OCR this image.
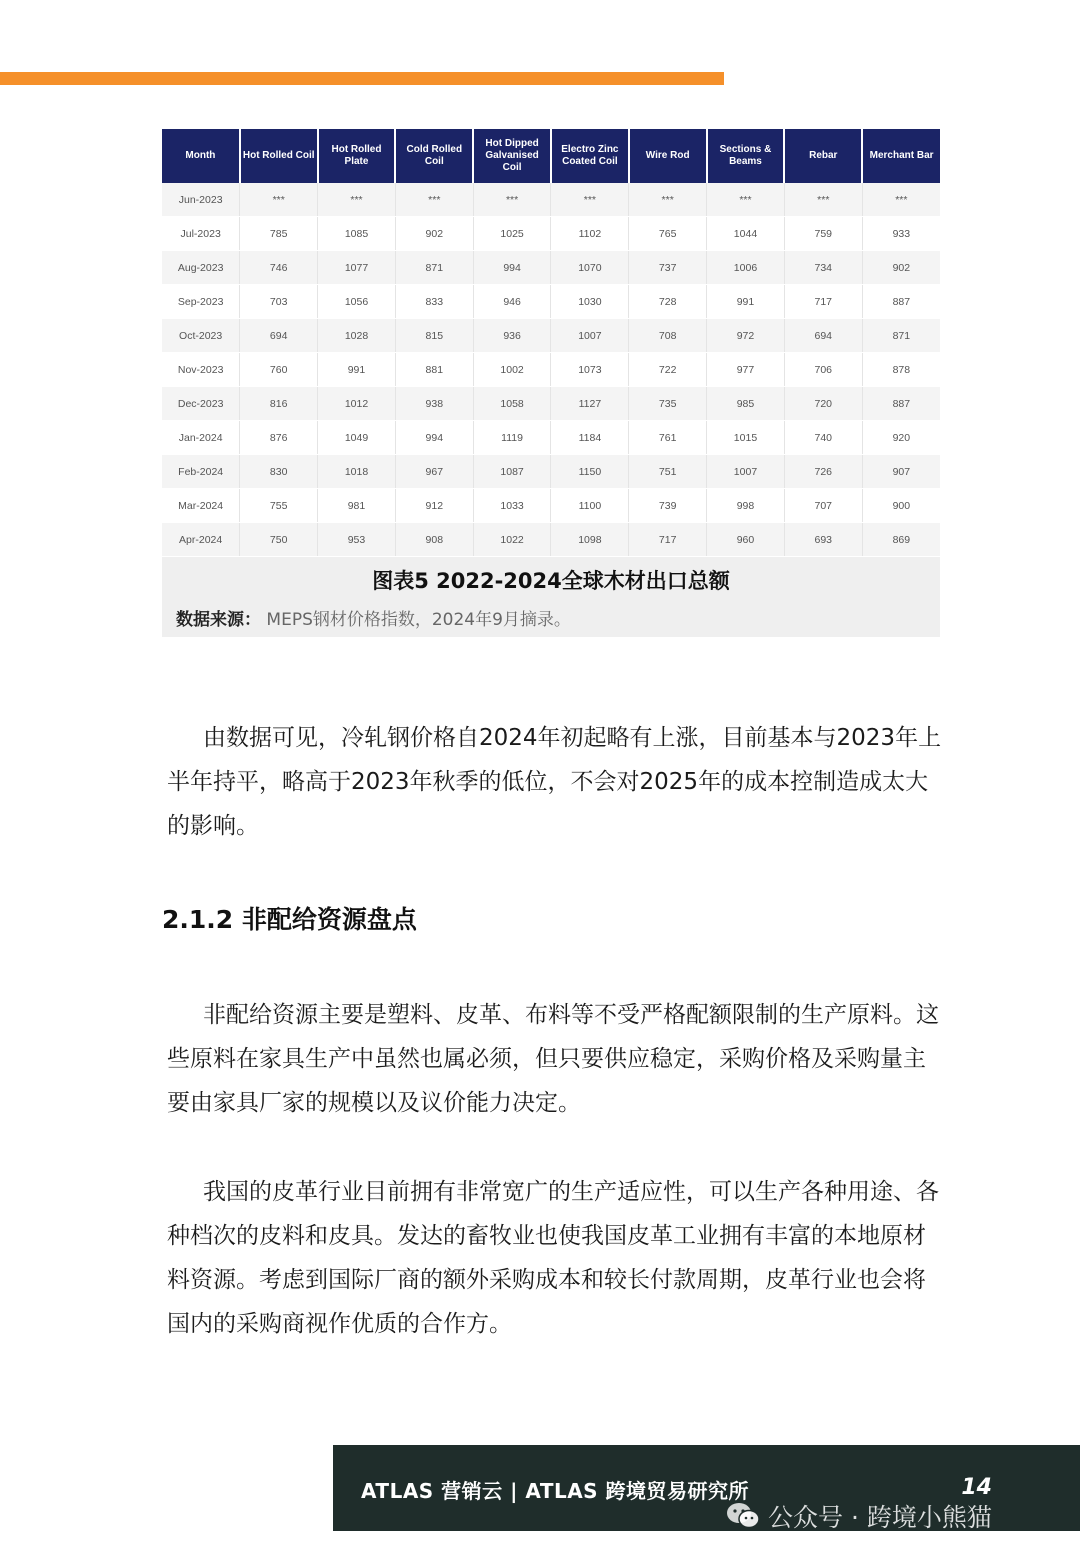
Month	Hot Rolled Coil	Hot Rolled Plate	Cold Rolled Coil	Hot Dipped Galvanised Coil	Electro Zinc Coated Coil	Wire Rod	Sections & Beams	Rebar	Merchant Bar
Jun-2023	***	***	***	***	***	***	***	***	***
Jul-2023	785	1085	902	1025	1102	765	1044	759	933
Aug-2023	746	1077	871	994	1070	737	1006	734	902
Sep-2023	703	1056	833	946	1030	728	991	717	887
Oct-2023	694	1028	815	936	1007	708	972	694	871
Nov-2023	760	991	881	1002	1073	722	977	706	878
Dec-2023	816	1012	938	1058	1127	735	985	720	887
Jan-2024	876	1049	994	1119	1184	761	1015	740	920
Feb-2024	830	1018	967	1087	1150	751	1007	726	907
Mar-2024	755	981	912	1033	1100	739	998	707	900
Apr-2024	750	953	908	1022	1098	717	960	693	869
图表5 2022-2024全球木材出口总额
数据来源： MEPS钢材价格指数，2024年9月摘录。

由数据可见，冷轧钢价格自2024年初起略有上涨，目前基本与2023年上半年持平，略高于2023年秋季的低位，不会对2025年的成本控制造成太大的影响。

2.1.2 非配给资源盘点

非配给资源主要是塑料、皮革、布料等不受严格配额限制的生产原料。这些原料在家具生产中虽然也属必须，但只要供应稳定，采购价格及采购量主要由家具厂家的规模以及议价能力决定。

我国的皮革行业目前拥有非常宽广的生产适应性，可以生产各种用途、各种档次的皮料和皮具。发达的畜牧业也使我国皮革工业拥有丰富的本地原材料资源。考虑到国际厂商的额外采购成本和较长付款周期，皮革行业也会将国内的采购商视作优质的合作方。

ATLAS 营销云 | ATLAS 跨境贸易研究所	14
公众号 · 跨境小熊猫
